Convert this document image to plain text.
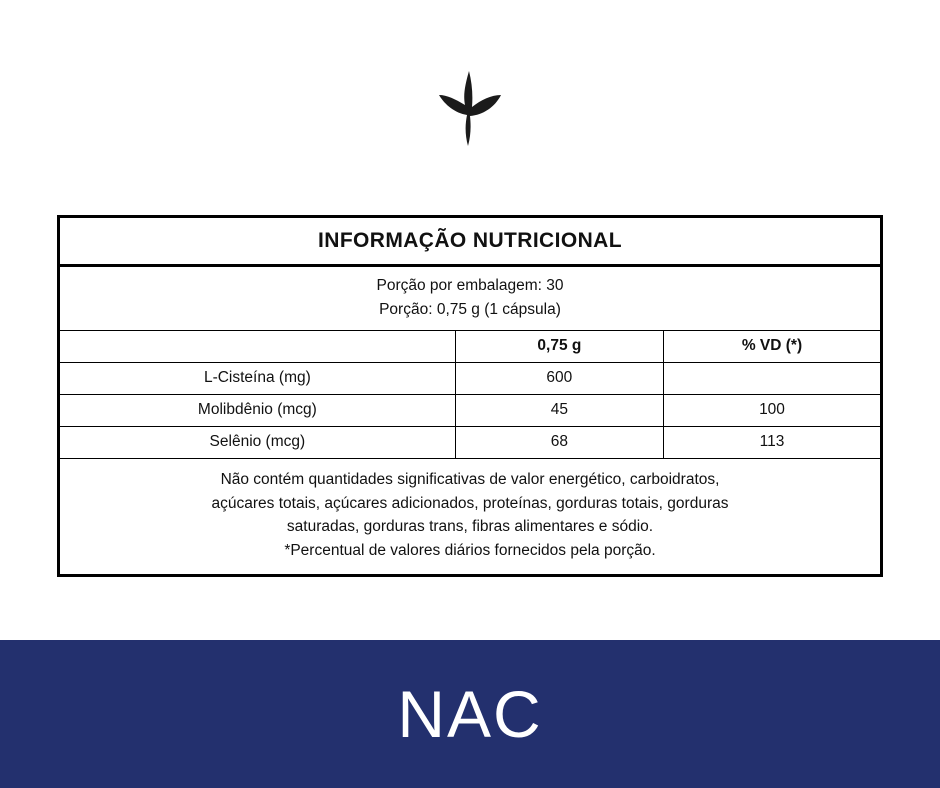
INFORMAÇÃO NUTRICIONAL
Porção por embalagem: 30
Porção: 0,75 g (1 cápsula)
	0,75 g	% VD (*)
L-Cisteína (mg)	600	
Molibdênio (mcg)	45	100
Selênio (mcg)	68	113
Não contém quantidades significativas de valor energético, carboidratos,
açúcares totais, açúcares adicionados, proteínas, gorduras totais, gorduras
saturadas, gorduras trans, fibras alimentares e sódio.
*Percentual de valores diários fornecidos pela porção.
NAC
